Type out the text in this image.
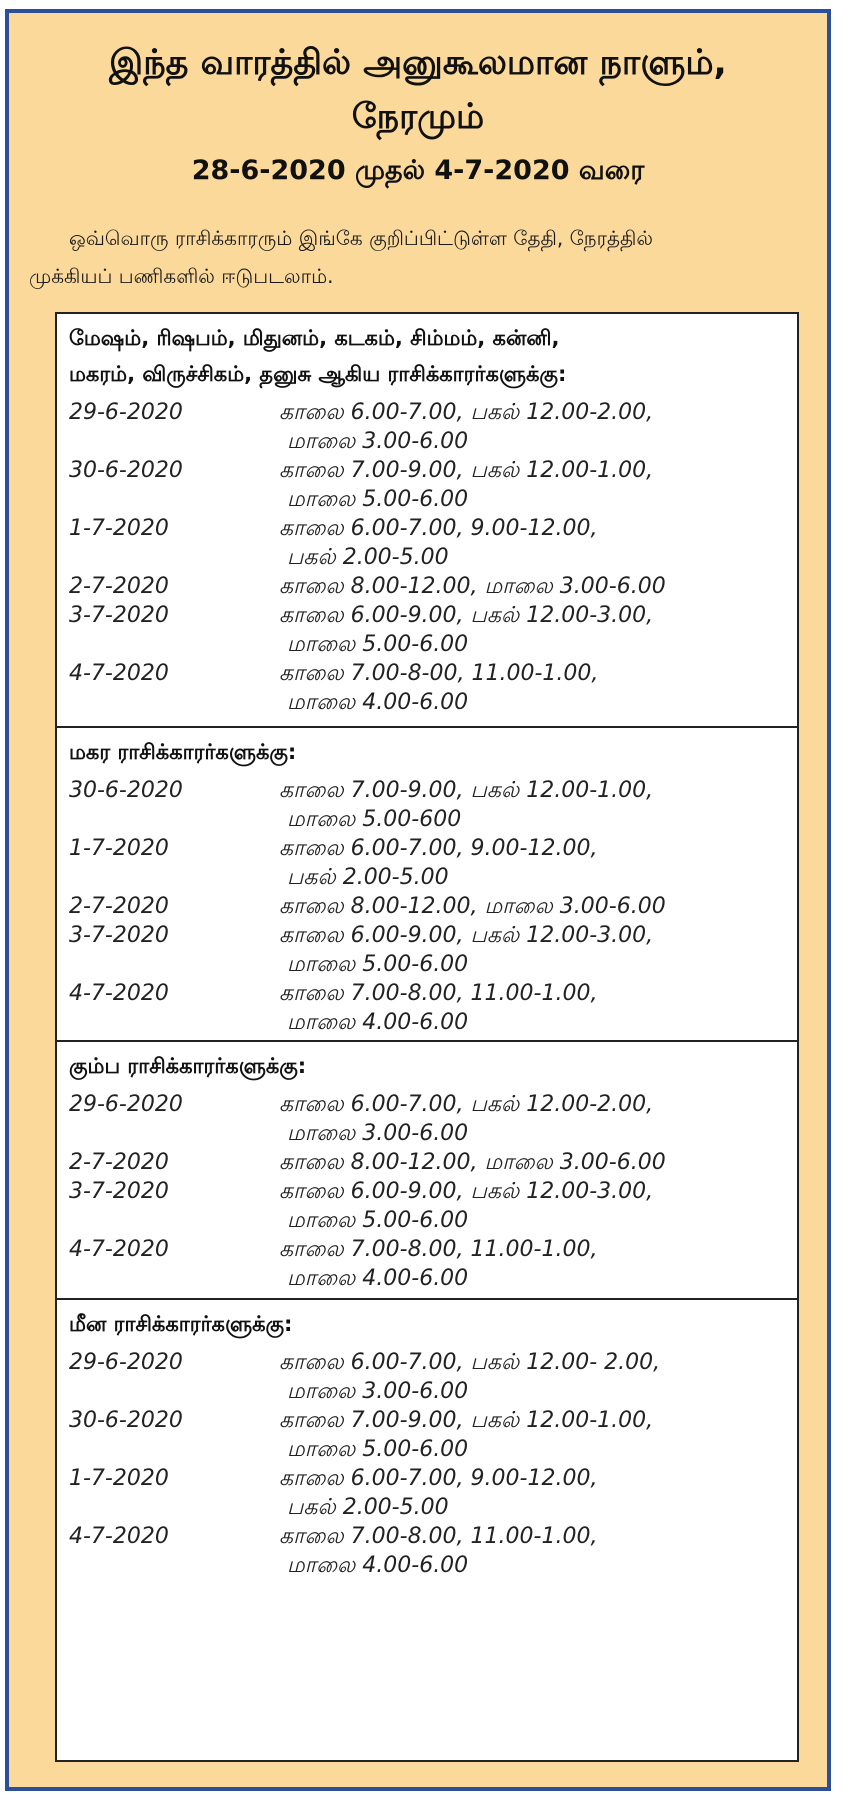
இந்த வாரத்தில் அனுகூலமான நாளும்,
நேரமும்
28-6-2020 முதல் 4-7-2020 வரை
ஒவ்வொரு ராசிக்காரரும் இங்கே குறிப்பிட்டுள்ள தேதி, நேரத்தில்
முக்கியப் பணிகளில் ஈடுபடலாம்.
மேஷம், ரிஷபம், மிதுனம், கடகம், சிம்மம், கன்னி,
மகரம், விருச்சிகம், தனுசு ஆகிய ராசிக்காரர்களுக்கு:
29-6-2020	காலை 6.00-7.00, பகல் 12.00-2.00,
மாலை 3.00-6.00
30-6-2020	காலை 7.00-9.00, பகல் 12.00-1.00,
மாலை 5.00-6.00
1-7-2020	காலை 6.00-7.00, 9.00-12.00,
பகல் 2.00-5.00
2-7-2020	காலை 8.00-12.00, மாலை 3.00-6.00
3-7-2020	காலை 6.00-9.00, பகல் 12.00-3.00,
மாலை 5.00-6.00
4-7-2020	காலை 7.00-8-00, 11.00-1.00,
மாலை 4.00-6.00
மகர ராசிக்காரர்களுக்கு:
30-6-2020	காலை 7.00-9.00, பகல் 12.00-1.00,
மாலை 5.00-600
1-7-2020	காலை 6.00-7.00, 9.00-12.00,
பகல் 2.00-5.00
2-7-2020	காலை 8.00-12.00, மாலை 3.00-6.00
3-7-2020	காலை 6.00-9.00, பகல் 12.00-3.00,
மாலை 5.00-6.00
4-7-2020	காலை 7.00-8.00, 11.00-1.00,
மாலை 4.00-6.00
கும்ப ராசிக்காரர்களுக்கு:
29-6-2020	காலை 6.00-7.00, பகல் 12.00-2.00,
மாலை 3.00-6.00
2-7-2020	காலை 8.00-12.00, மாலை 3.00-6.00
3-7-2020	காலை 6.00-9.00, பகல் 12.00-3.00,
மாலை 5.00-6.00
4-7-2020	காலை 7.00-8.00, 11.00-1.00,
மாலை 4.00-6.00
மீன ராசிக்காரர்களுக்கு:
29-6-2020	காலை 6.00-7.00, பகல் 12.00- 2.00,
மாலை 3.00-6.00
30-6-2020	காலை 7.00-9.00, பகல் 12.00-1.00,
மாலை 5.00-6.00
1-7-2020	காலை 6.00-7.00, 9.00-12.00,
பகல் 2.00-5.00
4-7-2020	காலை 7.00-8.00, 11.00-1.00,
மாலை 4.00-6.00
